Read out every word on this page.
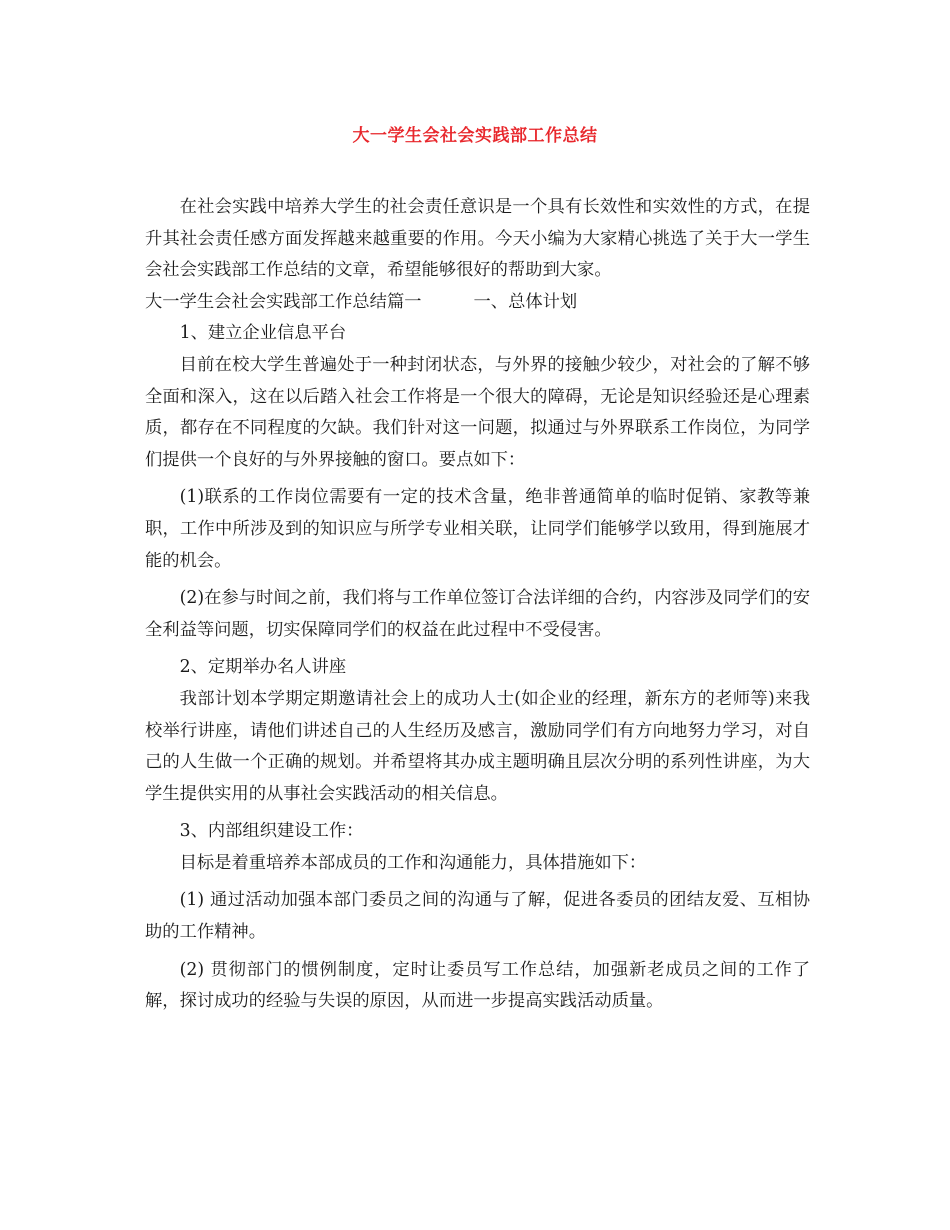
大一学生会社会实践部工作总结

在社会实践中培养大学生的社会责任意识是一个具有长效性和实效性的方式，在提升其社会责任感方面发挥越来越重要的作用。今天小编为大家精心挑选了关于大一学生会社会实践部工作总结的文章，希望能够很好的帮助到大家。

大一学生会社会实践部工作总结篇一	一、总体计划

1、建立企业信息平台

目前在校大学生普遍处于一种封闭状态，与外界的接触少较少，对社会的了解不够全面和深入，这在以后踏入社会工作将是一个很大的障碍，无论是知识经验还是心理素质，都存在不同程度的欠缺。我们针对这一问题，拟通过与外界联系工作岗位，为同学们提供一个良好的与外界接触的窗口。要点如下：

(1)联系的工作岗位需要有一定的技术含量，绝非普通简单的临时促销、家教等兼职，工作中所涉及到的知识应与所学专业相关联，让同学们能够学以致用，得到施展才能的机会。

(2)在参与时间之前，我们将与工作单位签订合法详细的合约，内容涉及同学们的安全利益等问题，切实保障同学们的权益在此过程中不受侵害。

2、定期举办名人讲座

我部计划本学期定期邀请社会上的成功人士(如企业的经理，新东方的老师等)来我校举行讲座，请他们讲述自己的人生经历及感言，激励同学们有方向地努力学习，对自己的人生做一个正确的规划。并希望将其办成主题明确且层次分明的系列性讲座，为大学生提供实用的从事社会实践活动的相关信息。

3、内部组织建设工作：

目标是着重培养本部成员的工作和沟通能力，具体措施如下：

(1) 通过活动加强本部门委员之间的沟通与了解，促进各委员的团结友爱、互相协助的工作精神。

(2) 贯彻部门的惯例制度，定时让委员写工作总结，加强新老成员之间的工作了解，探讨成功的经验与失误的原因，从而进一步提高实践活动质量。
